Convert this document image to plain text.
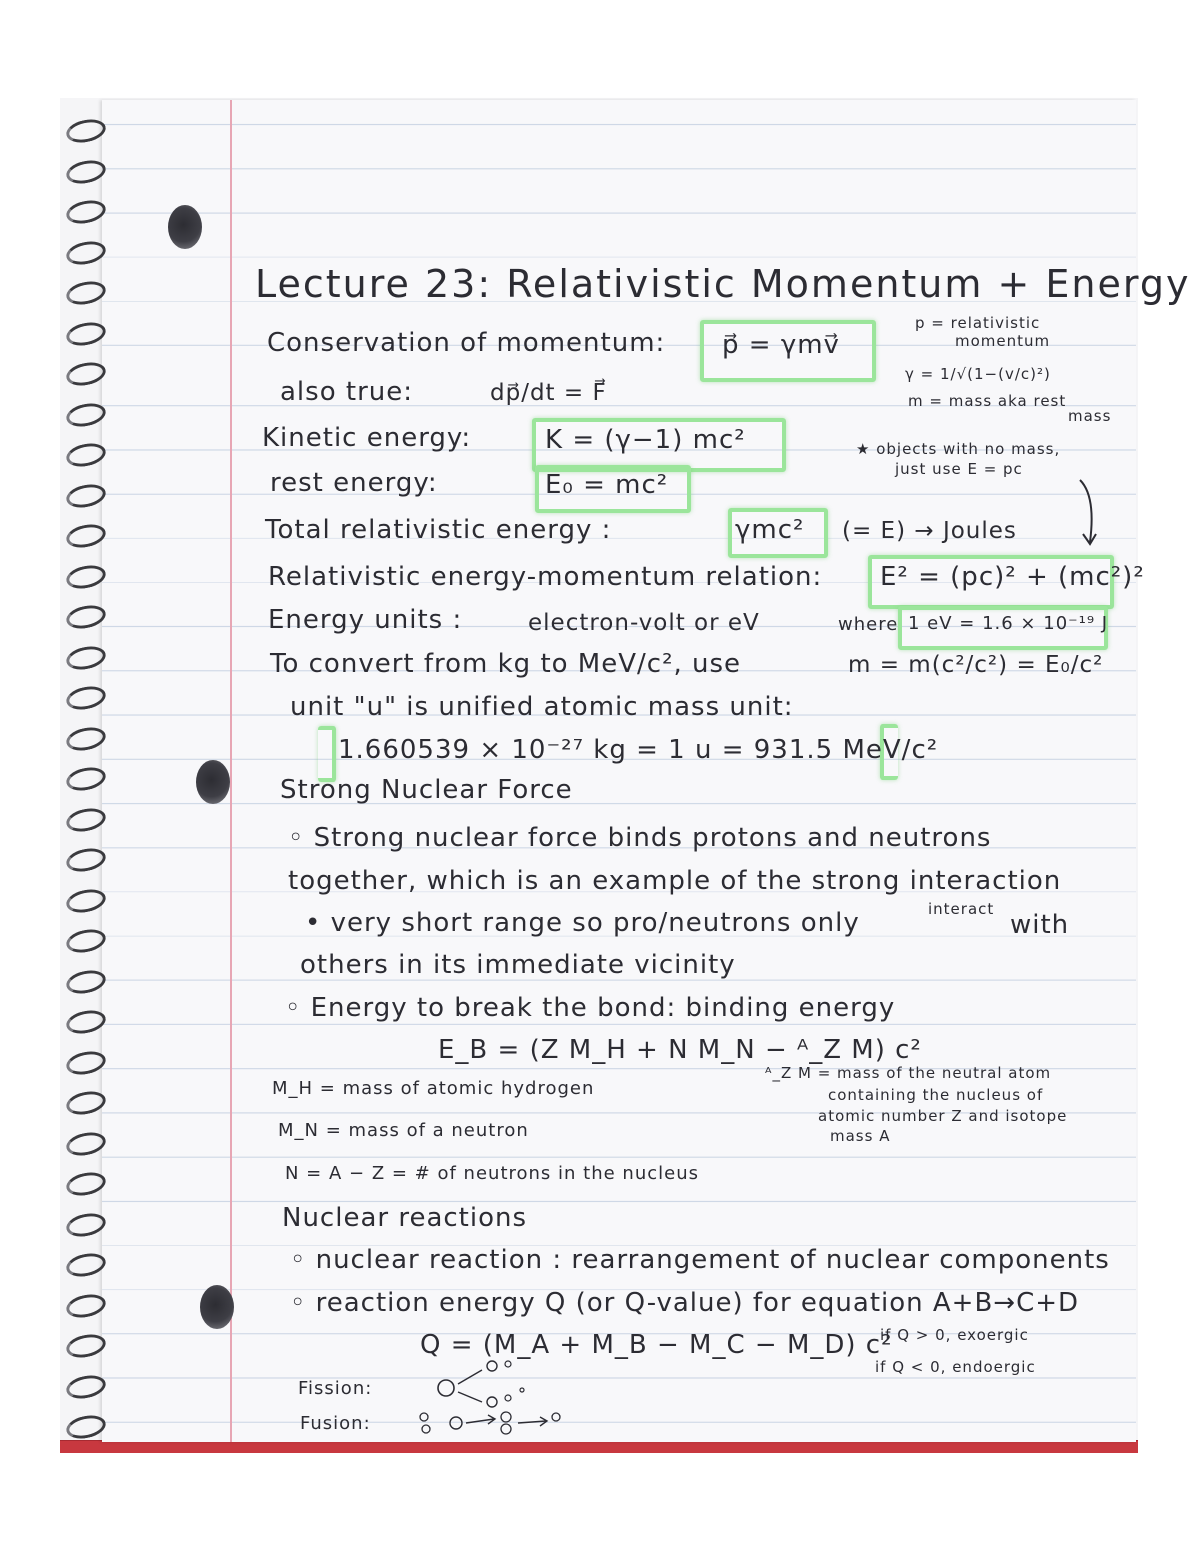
Lecture 23: Relativistic Momentum + Energy
Conservation of momentum: p⃗ = γmv⃗
also true:	dp⃗/dt = F⃗
p = relativistic
momentum
γ = 1/√(1−(v/c)²)
m = mass aka rest
mass
Kinetic energy:	K = (γ−1) mc²	★ objects with no mass,
just use E = pc
rest energy:	E₀ = mc²
Total relativistic energy :	γmc² (= E) → Joules
Relativistic energy-momentum relation: E² = (pc)² + (mc²)²
Energy units :	electron-volt or eV	where 1 eV = 1.6 × 10⁻¹⁹ J
To convert from kg to MeV/c², use	m = m(c²/c²) = E₀/c²
unit "u" is unified atomic mass unit:
1.660539 × 10⁻²⁷ kg = 1 u = 931.5 MeV/c²
Strong Nuclear Force
◦ Strong nuclear force binds protons and neutrons
together, which is an example of the strong interaction
• very short range so pro/neutrons only	interact
with
others in its immediate vicinity
◦ Energy to break the bond: binding energy
E_B = (Z M_H + N M_N − ᴬ_Z M) c²
M_H = mass of atomic hydrogen
M_N = mass of a neutron
ᴬ_Z M = mass of the neutral atom
containing the nucleus of
atomic number Z and isotope
mass A
N = A − Z = # of neutrons in the nucleus
Nuclear reactions
◦ nuclear reaction : rearrangement of nuclear components
◦ reaction energy Q (or Q-value) for equation A+B→C+D
Q = (M_A + M_B − M_C − M_D) c²
if Q > 0, exoergic
if Q < 0, endoergic
Fission:
Fusion:
